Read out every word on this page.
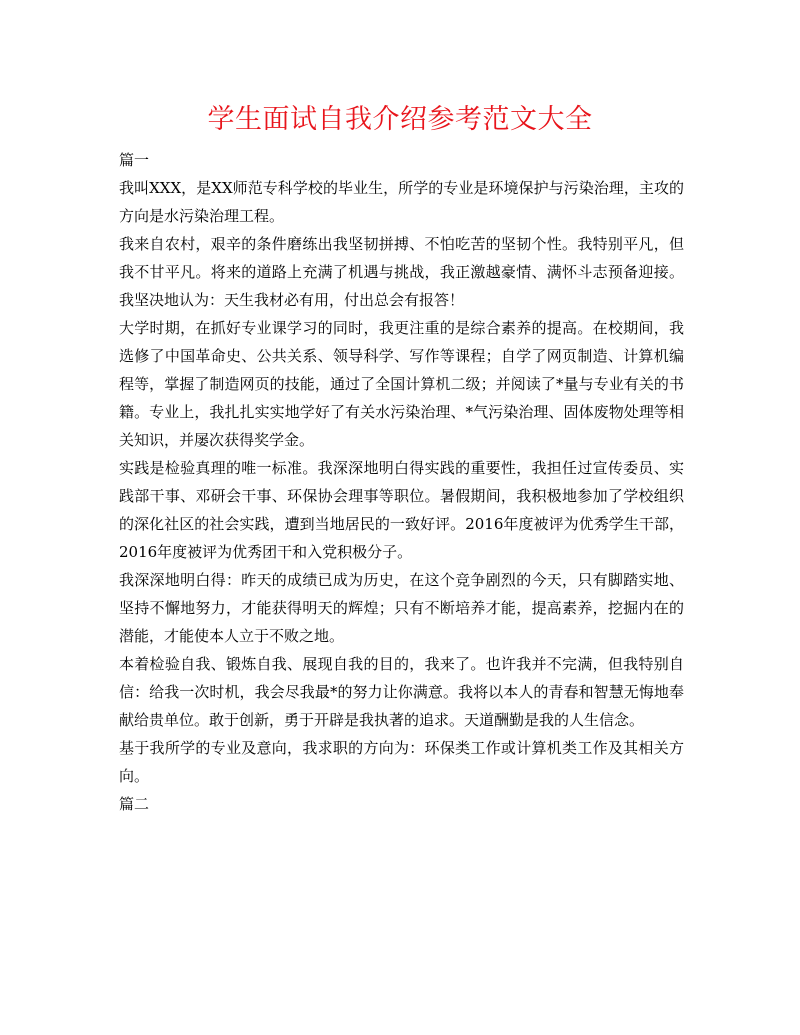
学生面试自我介绍参考范文大全

篇一

我叫XXX，是XX师范专科学校的毕业生，所学的专业是环境保护与污染治理，主攻的方向是水污染治理工程。

我来自农村，艰辛的条件磨练出我坚韧拼搏、不怕吃苦的坚韧个性。我特别平凡，但我不甘平凡。将来的道路上充满了机遇与挑战，我正激越豪情、满怀斗志预备迎接。我坚决地认为：天生我材必有用，付出总会有报答！

大学时期，在抓好专业课学习的同时，我更注重的是综合素养的提高。在校期间，我选修了中国革命史、公共关系、领导科学、写作等课程；自学了网页制造、计算机编程等，掌握了制造网页的技能，通过了全国计算机二级；并阅读了*量与专业有关的书籍。专业上，我扎扎实实地学好了有关水污染治理、*气污染治理、固体废物处理等相关知识，并屡次获得奖学金。

实践是检验真理的唯一标准。我深深地明白得实践的重要性，我担任过宣传委员、实践部干事、邓研会干事、环保协会理事等职位。暑假期间，我积极地参加了学校组织的深化社区的社会实践，遭到当地居民的一致好评。2016年度被评为优秀学生干部，2016年度被评为优秀团干和入党积极分子。

我深深地明白得：昨天的成绩已成为历史，在这个竞争剧烈的今天，只有脚踏实地、坚持不懈地努力，才能获得明天的辉煌；只有不断培养才能，提高素养，挖掘内在的潜能，才能使本人立于不败之地。

本着检验自我、锻炼自我、展现自我的目的，我来了。也许我并不完满，但我特别自信：给我一次时机，我会尽我最*的努力让你满意。我将以本人的青春和智慧无悔地奉献给贵单位。敢于创新，勇于开辟是我执著的追求。天道酬勤是我的人生信念。

基于我所学的专业及意向，我求职的方向为：环保类工作或计算机类工作及其相关方向。

篇二
